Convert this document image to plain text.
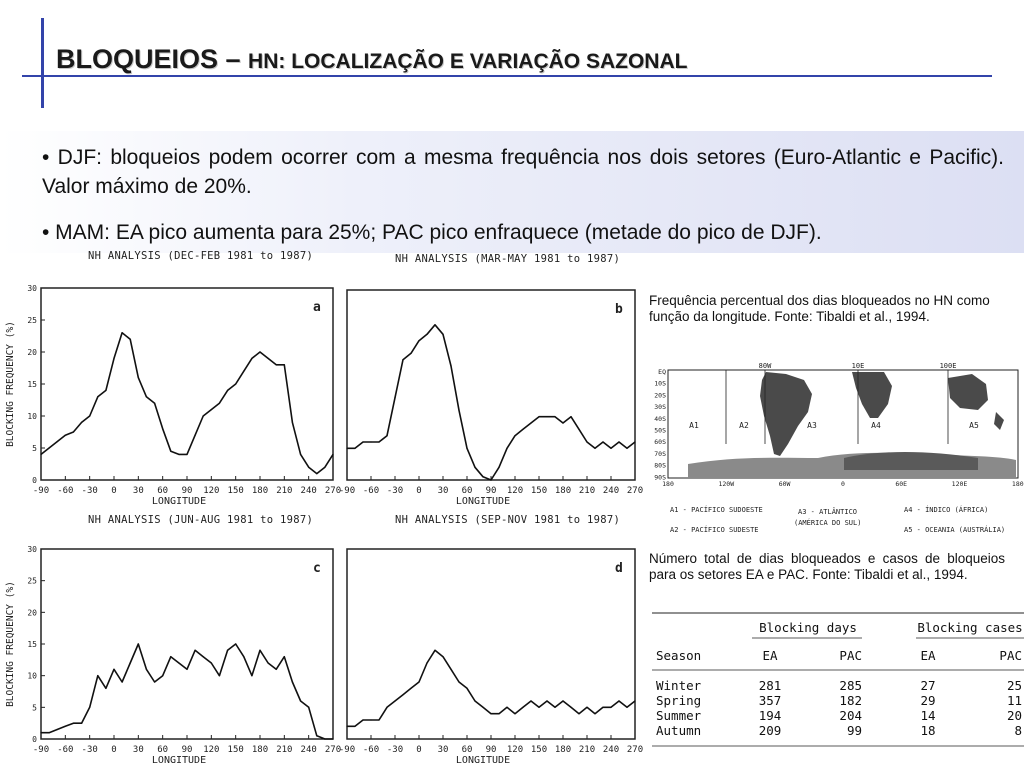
BLOQUEIOS – HN: LOCALIZAÇÃO E VARIAÇÃO SAZONAL
• DJF: bloqueios podem ocorrer com a mesma frequência nos dois setores (Euro-Atlantic e Pacific). Valor máximo de 20%.
• MAM: EA pico aumenta para 25%; PAC pico enfraquece (metade do pico de DJF).
NH ANALYSIS (DEC-FEB 1981 to 1987)	NH ANALYSIS (MAR-MAY 1981 to 1987)
NH ANALYSIS (JUN-AUG 1981 to 1987)	NH ANALYSIS (SEP-NOV 1981 to 1987)
-90 -60 -30 0 30 60 90 120 150 180 210 240 270
LONGITUDE
0
5
10
15
20
25
30
BLOCKING FREQUENCY (%)
a
-90 -60 -30 0 30 60 90 120 150 180 210 240 270
LONGITUDE
b
-90 -60 -30 0 30 60 90 120 150 180 210 240 270
LONGITUDE
0
5
10
15
20
25
30
BLOCKING FREQUENCY (%)
c
-90 -60 -30 0 30 60 90 120 150 180 210 240 270
LONGITUDE
d
Frequência percentual dos dias bloqueados no HN como função da longitude. Fonte: Tibaldi et al., 1994.
Número total de dias bloqueados e casos de bloqueios para os setores EA e PAC. Fonte: Tibaldi et al., 1994.
80W	10E	100E
EQ
10S
20S
30S
40S
50S
60S
70S
80S
90S
180	120W	60W	0	60E	120E	180
A1	A2	A3	A4	A5
A1 - PACÍFICO SUDOESTE
A2 - PACÍFICO SUDESTE
A3 - ATLÂNTICO
(AMÉRICA DO SUL)
A4 - ÍNDICO (ÁFRICA)
A5 - OCEANIA (AUSTRÁLIA)
Blocking days	Blocking cases
Season	EA	PAC	EA	PAC
Winter	281	285	27	25
Spring	357	182	29	11
Summer	194	204	14	20
Autumn	209	99	18	8
